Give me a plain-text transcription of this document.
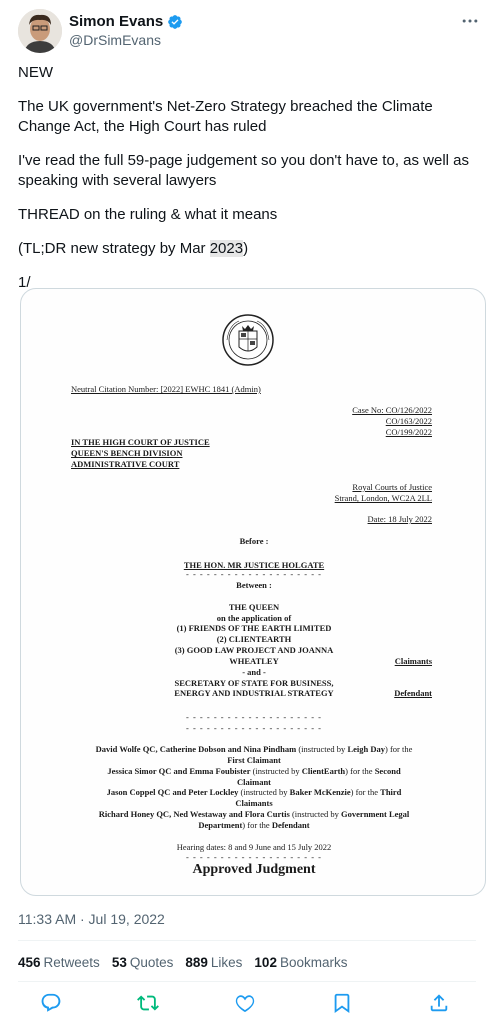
Simon Evans
@DrSimEvans

NEW

The UK government's Net-Zero Strategy breached the Climate Change Act, the High Court has ruled

I've read the full 59-page judgement so you don't have to, as well as speaking with several lawyers

THREAD on the ruling & what it means

(TL;DR new strategy by Mar 2023)

1/

Neutral Citation Number: [2022] EWHC 1841 (Admin)
Case No: CO/126/2022
CO/163/2022
CO/199/2022
IN THE HIGH COURT OF JUSTICE
QUEEN'S BENCH DIVISION
ADMINISTRATIVE COURT
Royal Courts of Justice
Strand, London, WC2A 2LL
Date: 18 July 2022
Before :
THE HON. MR JUSTICE HOLGATE
- - - - - - - - - - - - - - - - - - - -
Between :
THE QUEEN
on the application of
(1) FRIENDS OF THE EARTH LIMITED
(2) CLIENTEARTH
(3) GOOD LAW PROJECT AND JOANNA
WHEATLEY	Claimants
- and -
SECRETARY OF STATE FOR BUSINESS,
ENERGY AND INDUSTRIAL STRATEGY	Defendant
- - - - - - - - - - - - - - - - - - - -
- - - - - - - - - - - - - - - - - - - -
David Wolfe QC, Catherine Dobson and Nina Pindham (instructed by Leigh Day) for the
First Claimant
Jessica Simor QC and Emma Foubister (instructed by ClientEarth) for the Second
Claimant
Jason Coppel QC and Peter Lockley (instructed by Baker McKenzie) for the Third
Claimants
Richard Honey QC, Ned Westaway and Flora Curtis (instructed by Government Legal
Department) for the Defendant
Hearing dates: 8 and 9 June and 15 July 2022
- - - - - - - - - - - - - - - - - - - -
Approved Judgment
11:33 AM · Jul 19, 2022
456 Retweets 53 Quotes 889 Likes 102 Bookmarks
